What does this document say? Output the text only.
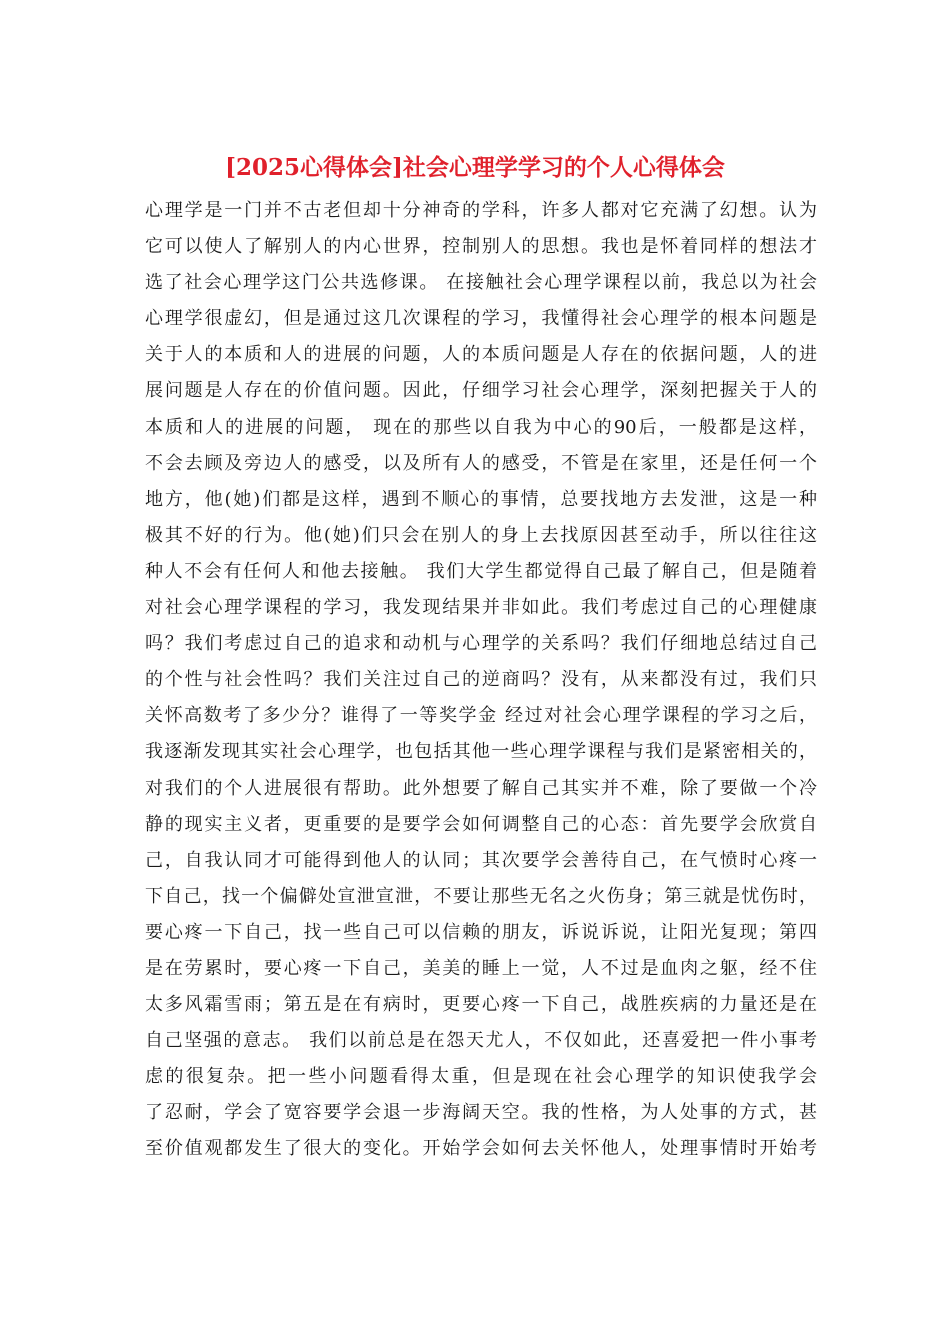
[2025心得体会]社会心理学学习的个人心得体会
心理学是一门并不古老但却十分神奇的学科，许多人都对它充满了幻想。认为
它可以使人了解别人的内心世界，控制别人的思想。我也是怀着同样的想法才
选了社会心理学这门公共选修课。 在接触社会心理学课程以前，我总以为社会
心理学很虚幻，但是通过这几次课程的学习，我懂得社会心理学的根本问题是
关于人的本质和人的进展的问题，人的本质问题是人存在的依据问题，人的进
展问题是人存在的价值问题。因此，仔细学习社会心理学，深刻把握关于人的
本质和人的进展的问题， 现在的那些以自我为中心的90后，一般都是这样，
不会去顾及旁边人的感受，以及所有人的感受，不管是在家里，还是任何一个
地方，他(她)们都是这样，遇到不顺心的事情，总要找地方去发泄，这是一种
极其不好的行为。他(她)们只会在别人的身上去找原因甚至动手，所以往往这
种人不会有任何人和他去接触。 我们大学生都觉得自己最了解自己，但是随着
对社会心理学课程的学习，我发现结果并非如此。我们考虑过自己的心理健康
吗？我们考虑过自己的追求和动机与心理学的关系吗？我们仔细地总结过自己
的个性与社会性吗？我们关注过自己的逆商吗？没有，从来都没有过，我们只
关怀高数考了多少分？谁得了一等奖学金 经过对社会心理学课程的学习之后，
我逐渐发现其实社会心理学，也包括其他一些心理学课程与我们是紧密相关的，
对我们的个人进展很有帮助。此外想要了解自己其实并不难，除了要做一个冷
静的现实主义者，更重要的是要学会如何调整自己的心态：首先要学会欣赏自
己，自我认同才可能得到他人的认同；其次要学会善待自己，在气愤时心疼一
下自己，找一个偏僻处宣泄宣泄，不要让那些无名之火伤身；第三就是忧伤时，
要心疼一下自己，找一些自己可以信赖的朋友，诉说诉说，让阳光复现；第四
是在劳累时，要心疼一下自己，美美的睡上一觉，人不过是血肉之躯，经不住
太多风霜雪雨；第五是在有病时，更要心疼一下自己，战胜疾病的力量还是在
自己坚强的意志。 我们以前总是在怨天尤人，不仅如此，还喜爱把一件小事考
虑的很复杂。把一些小问题看得太重，但是现在社会心理学的知识使我学会
了忍耐，学会了宽容要学会退一步海阔天空。我的性格，为人处事的方式，甚
至价值观都发生了很大的变化。开始学会如何去关怀他人，处理事情时开始考
